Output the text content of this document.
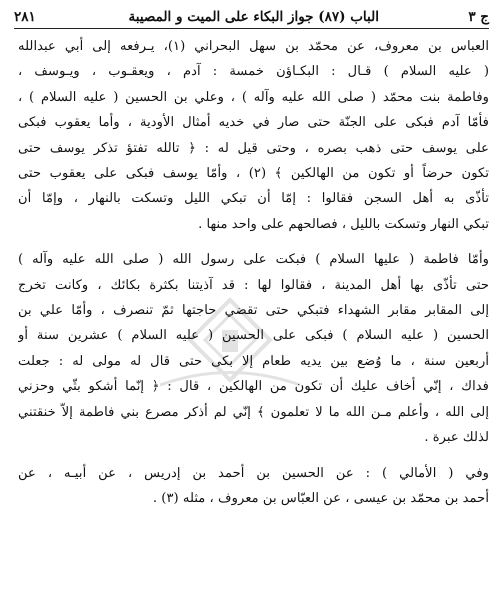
ج ٣
الباب (٨٧) جواز البكاء على الميت و المصيبة
٢٨١
العباس بن معروف، عن محمّد بن سهل البحراني (١)، يـرفعه إلى أبي عبدالله
( عليه السلام ) قـال : البكـاؤن خمسة : آدم ، ويعقـوب ، ويـوسف ،
وفاطمة بنت محمّد ( صلى الله عليه وآله ) ، وعلي بن الحسين ( عليه السلام ) ،
فأمّا آدم فبكى على الجنّة حتى صار في خديه أمثال الأودية ، وأما يعقوب فبكى
على يوسف حتى ذهب بصره ، وحتى قيل له : ﴿ تالله تفتؤ تذكر يوسف حتى
تكون حرضاً أو تكون من الهالكين ﴾ (٢) ، وأمّا يوسف فبكى على يعقوب حتى
تأذّى به أهل السجن فقالوا : إمّا أن تبكي الليل وتسكت بالنهار ، وإمّا أن
تبكي النهار وتسكت بالليل ، فصالحهم على واحد منها .
وأمّا فاطمة ( عليها السلام ) فبكت على رسول الله ( صلى الله عليه وآله )
حتى تأذّى بها أهل المدينة ، فقالوا لها : قد آذيتنا بكثرة بكائك ، وكانت تخرج
إلى المقابر مقابر الشهداء فتبكي حتى تقضي حاجتها ثمّ تنصرف ، وأمّا علي بن
الحسين ( عليه السلام ) فبكى على الحسين ( عليه السلام ) عشرين سنة أو
أربعين سنة ، ما وُضع بين يديه طعام إلا بكى حتى قال له مولى له : جعلت
فداك ، إنّي أخاف عليك أن تكون من الهالكين ، قال : ﴿ إنّما أشكو بثّي وحزني
إلى الله ، وأعلم مـن الله ما لا تعلمون ﴾ إنّي لم أذكر مصرع بني فاطمة إلاّ خنقتني
لذلك عبرة .
وفي ( الأمالي ) : عن الحسين بن أحمد بن إدريس ، عن أبيـه ، عن
أحمد بن محمّد بن عيسى ، عن العبّاس بن معروف ، مثله (٣) .
